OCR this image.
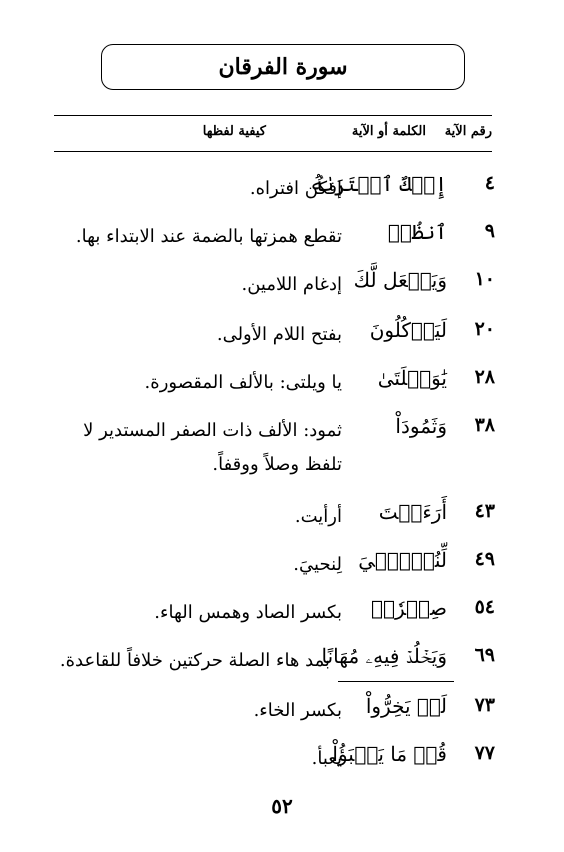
سورة الفرقان
رقم الآية
الكلمة أو الآية
كيفية لفظها
٤
إِفۡكٌ ٱفۡتَرَىٰهُ
إفكُن افتراه.
٩
ٱنظُرۡ
تقطع همزتها بالضمة عند الابتداء بها.
١٠
وَيَجۡعَل لَّكَ
إدغام اللامين.
٢٠
لَيَأۡكُلُونَ
بفتح اللام الأولى.
٢٨
يَٰوَيۡلَتَىٰ
يا ويلتى: بالألف المقصورة.
٣٨
وَثَمُودَاْ
ثمود: الألف ذات الصفر المستدير لا تلفظ وصلاً ووقفاً.
٤٣
أَرَءَيۡتَ
أرأيت.
٤٩
لِّنُحۡـِۧيَ
لِنحييَ.
٥٤
صِهۡرٗاۗ
بكسر الصاد وهمس الهاء.
٦٩
وَيَخۡلُدۡ فِيهِۦ مُهَانًا
بمد هاء الصلة حركتين خلافاً للقاعدة.
٧٣
لَمۡ يَخِرُّواْ
بكسر الخاء.
٧٧
قُلۡ مَا يَعۡبَؤُاْ
يعبأ.
٥٢
